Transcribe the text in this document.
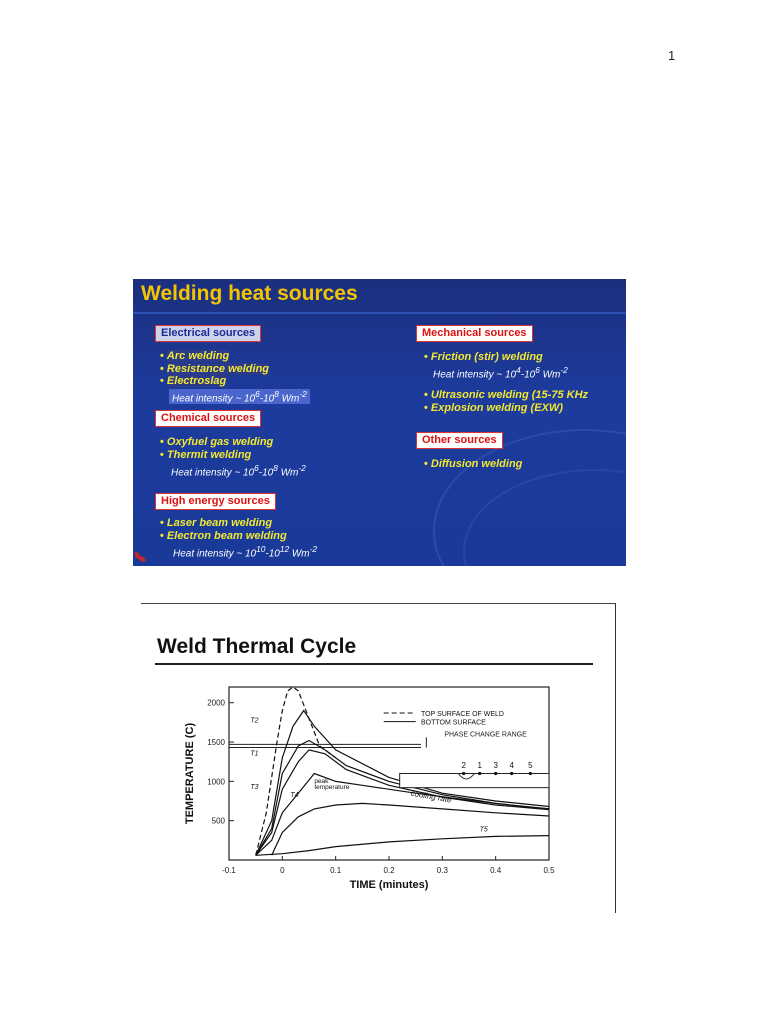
1
Welding heat sources
Electrical sources
• Arc welding
• Resistance welding
• Electroslag
Heat intensity ~ $10^6-10^8$ $Wm^{-2}$
Chemical sources
• Oxyfuel gas welding
• Thermit welding
Heat intensity ~ $10^6-10^8$ $Wm^{-2}$
High energy sources
• Laser beam welding
• Electron beam welding
Heat intensity ~ $10^{10}-10^{12}$ $Wm^{-2}$
Mechanical sources
• Friction (stir) welding
Heat intensity ~ $10^4-10^6$ $Wm^{-2}$
• Ultrasonic welding (15-75 KHz
• Explosion welding (EXW)
Other sources
• Diffusion welding
Weld Thermal Cycle
500
1000
1500
2000
-0.1	0	0.1	0.2	0.3	0.4	0.5
TIME (minutes)
TEMPERATURE (C)	PHASE CHANGE RANGE
TOP SURFACE OF WELD
BOTTOM SURFACE
T2
T1
T3
T4
T5
peak
temperature
cooling rate
2 1 3 4 5
